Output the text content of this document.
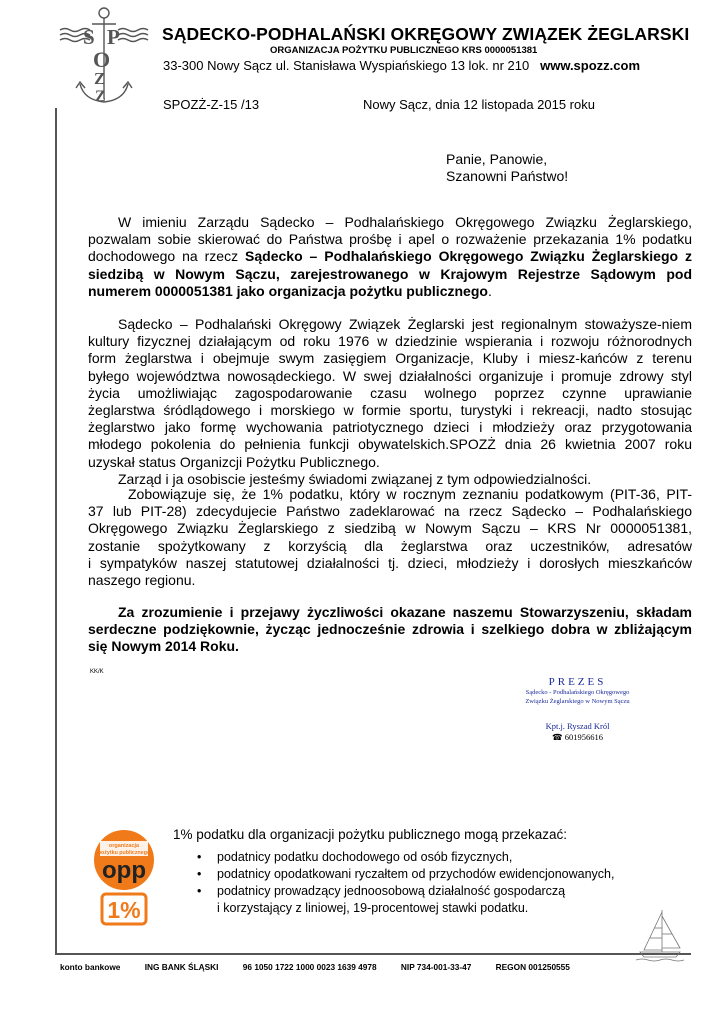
S P
O
Z
Z
SĄDECKO-PODHALAŃSKI OKRĘGOWY ZWIĄZEK ŻEGLARSKI
ORGANIZACJA POŻYTKU PUBLICZNEGO KRS 0000051381
33-300 Nowy Sącz ul. Stanisława Wyspiańskiego 13 lok. nr 210 www.spozz.com
SPOZŻ-Z-15 /13	Nowy Sącz, dnia 12 listopada 2015 roku
Panie, Panowie,
Szanowni Państwo!
W imieniu Zarządu Sądecko – Podhalańskiego Okręgowego Związku Żeglarskiego,
pozwalam sobie skierować do Państwa prośbę i apel o rozważenie przekazania 1% podatku
dochodowego na rzecz Sądecko – Podhalańskiego Okręgowego Związku Żeglarskiego z
siedzibą w Nowym Sączu, zarejestrowanego w Krajowym Rejestrze Sądowym pod
numerem 0000051381 jako organizacja pożytku publicznego.
Sądecko – Podhalański Okręgowy Związek Żeglarski jest regionalnym stoważysze-niem
kultury fizycznej działającym od roku 1976 w dziedzinie wspierania i rozwoju różnorodnych
form żeglarstwa i obejmuje swym zasięgiem Organizacje, Kluby i miesz-kańców z terenu
byłego województwa nowosądeckiego. W swej działalności organizuje i promuje zdrowy styl
życia umożliwiając zagospodarowanie czasu wolnego poprzez czynne uprawianie
żeglarstwa śródlądowego i morskiego w formie sportu, turystyki i rekreacji, nadto stosując
żeglarstwo jako formę wychowania patriotycznego dzieci i młodzieży oraz przygotowania
młodego pokolenia do pełnienia funkcji obywatelskich.SPOZŻ dnia 26 kwietnia 2007 roku
uzyskał status Organizcji Pożytku Publicznego.
Zarząd i ja osobiscie jesteśmy świadomi związanej z tym odpowiedzialności.
Zobowiązuje się, że 1% podatku, który w rocznym zeznaniu podatkowym (PIT-36, PIT-
37 lub PIT-28) zdecydujecie Państwo zadeklarować na rzecz Sądecko – Podhalańskiego
Okręgowego Związku Żeglarskiego z siedzibą w Nowym Sączu – KRS Nr 0000051381,
zostanie spożytkowany z korzyścią dla żeglarstwa oraz uczestników, adresatów
i sympatyków naszej statutowej działalności tj. dzieci, młodzieży i dorosłych mieszkańców
naszego regionu.
Za zrozumienie i przejawy życzliwości okazane naszemu Stowarzyszeniu, składam
serdeczne podziękownie, życząc jednocześnie zdrowia i szelkiego dobra w zbliżającym
się Nowym 2014 Roku.
KK/K
PREZES
Sądecko - Podhalańskiego Okręgowego
Związku Żeglarskiego w Nowym Sączu
Kpt.j. Ryszad Król
☎ 601956616
organizacja
pożytku publicznego
opp
1%
1% podatku dla organizacji pożytku publicznego mogą przekazać:
• podatnicy podatku dochodowego od osób fizycznych,
• podatnicy opodatkowani ryczałtem od przychodów ewidencjonowanych,
• podatnicy prowadzący jednoosobową działalność gospodarczą
i korzystający z liniowej, 19-procentowej stawki podatku.
konto bankowe	ING BANK ŚLĄSKI	96 1050 1722 1000 0023 1639 4978	NIP 734-001-33-47	REGON 001250555
